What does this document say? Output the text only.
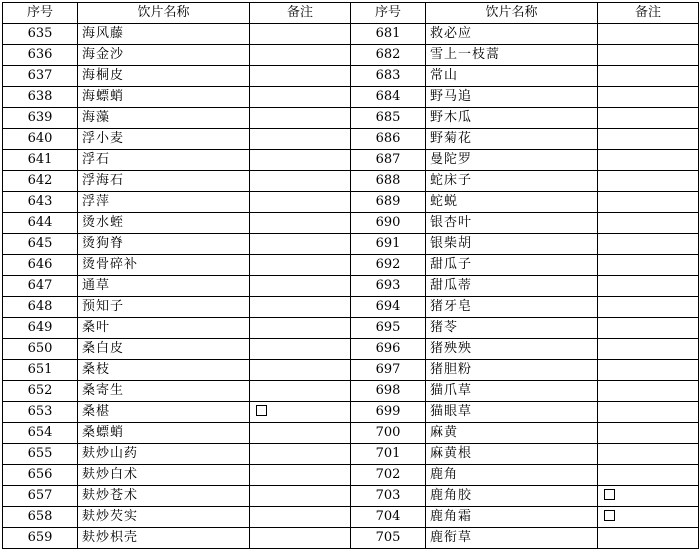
序号	饮片名称	备注	序号	饮片名称	备注
635	海风藤		681	救必应	
636	海金沙		682	雪上一枝蒿	
637	海桐皮		683	常山	
638	海螵蛸		684	野马追	
639	海藻		685	野木瓜	
640	浮小麦		686	野菊花	
641	浮石		687	曼陀罗	
642	浮海石		688	蛇床子	
643	浮萍		689	蛇蜕	
644	烫水蛭		690	银杏叶	
645	烫狗脊		691	银柴胡	
646	烫骨碎补		692	甜瓜子	
647	通草		693	甜瓜蒂	
648	预知子		694	猪牙皂	
649	桑叶		695	猪苓	
650	桑白皮		696	猪殃殃	
651	桑枝		697	猪胆粉	
652	桑寄生		698	猫爪草	
653	桑椹		699	猫眼草	
654	桑螵蛸		700	麻黄	
655	麸炒山药		701	麻黄根	
656	麸炒白术		702	鹿角	
657	麸炒苍术		703	鹿角胶	
658	麸炒芡实		704	鹿角霜	
659	麸炒枳壳		705	鹿衔草	
